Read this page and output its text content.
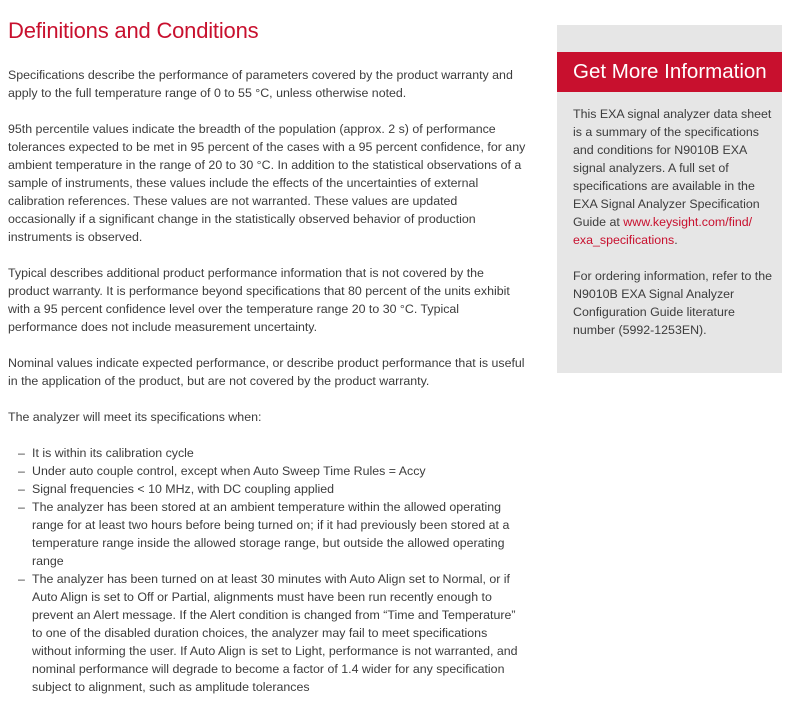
Definitions and Conditions

Specifications describe the performance of parameters covered by the product warranty and apply to the full temperature range of 0 to 55 °C, unless otherwise noted.

95th percentile values indicate the breadth of the population (approx. 2 s) of performance tolerances expected to be met in 95 percent of the cases with a 95 percent confidence, for any ambient temperature in the range of 20 to 30 °C. In addition to the statistical observations of a sample of instruments, these values include the effects of the uncertainties of external calibration references. These values are not warranted. These values are updated occasionally if a significant change in the statistically observed behavior of production instruments is observed.

Typical describes additional product performance information that is not covered by the product warranty. It is performance beyond specifications that 80 percent of the units exhibit with a 95 percent confidence level over the temperature range 20 to 30 °C. Typical performance does not include measurement uncertainty.

Nominal values indicate expected performance, or describe product performance that is useful in the application of the product, but are not covered by the product warranty.

The analyzer will meet its specifications when:

– It is within its calibration cycle
– Under auto couple control, except when Auto Sweep Time Rules = Accy
– Signal frequencies < 10 MHz, with DC coupling applied
– The analyzer has been stored at an ambient temperature within the allowed operating range for at least two hours before being turned on; if it had previously been stored at a temperature range inside the allowed storage range, but outside the allowed operating range
– The analyzer has been turned on at least 30 minutes with Auto Align set to Normal, or if Auto Align is set to Off or Partial, alignments must have been run recently enough to prevent an Alert message. If the Alert condition is changed from “Time and Temperature” to one of the disabled duration choices, the analyzer may fail to meet specifications without informing the user. If Auto Align is set to Light, performance is not warranted, and nominal performance will degrade to become a factor of 1.4 wider for any specification subject to alignment, such as amplitude tolerances
Get More Information

This EXA signal analyzer data sheet is a summary of the specifications and conditions for N9010B EXA signal analyzers. A full set of specifications are available in the EXA Signal Analyzer Specification Guide at www.keysight.com/find/ exa_specifications.

For ordering information, refer to the N9010B EXA Signal Analyzer Configuration Guide literature number (5992-1253EN).
